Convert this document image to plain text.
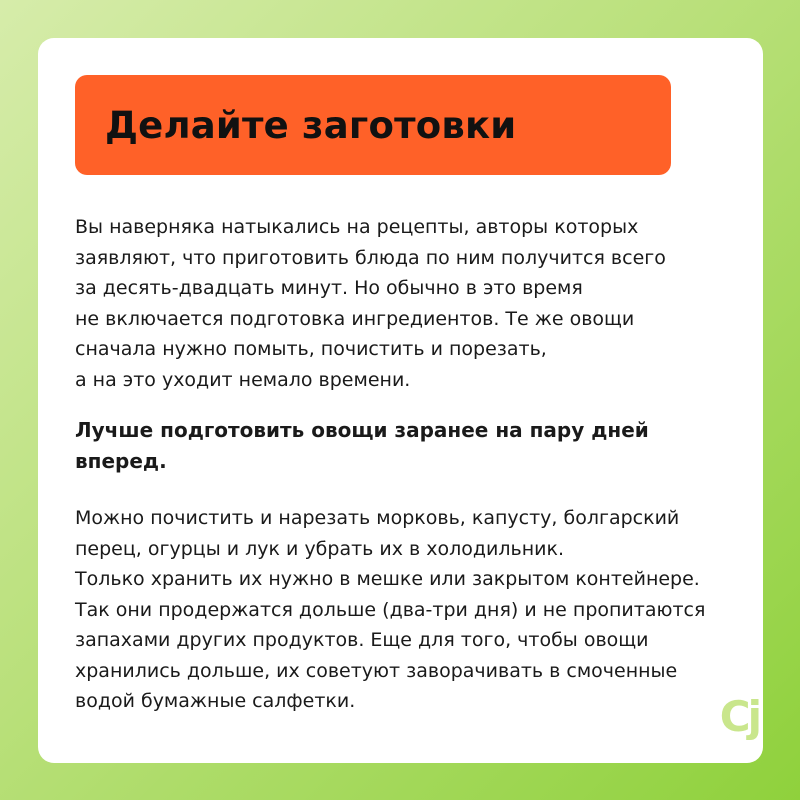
Делайте заготовки
Вы наверняка натыкались на рецепты, авторы которых
заявляют, что приготовить блюда по ним получится всего
за десять-двадцать минут. Но обычно в это время
не включается подготовка ингредиентов. Те же овощи
сначала нужно помыть, почистить и порезать,
а на это уходит немало времени.
Лучше подготовить овощи заранее на пару дней
вперед.
Можно почистить и нарезать морковь, капусту, болгарский
перец, огурцы и лук и убрать их в холодильник.
Только хранить их нужно в мешке или закрытом контейнере.
Так они продержатся дольше (два-три дня) и не пропитаются
запахами других продуктов. Еще для того, чтобы овощи
хранились дольше, их советуют заворачивать в смоченные
водой бумажные салфетки.	Cj
